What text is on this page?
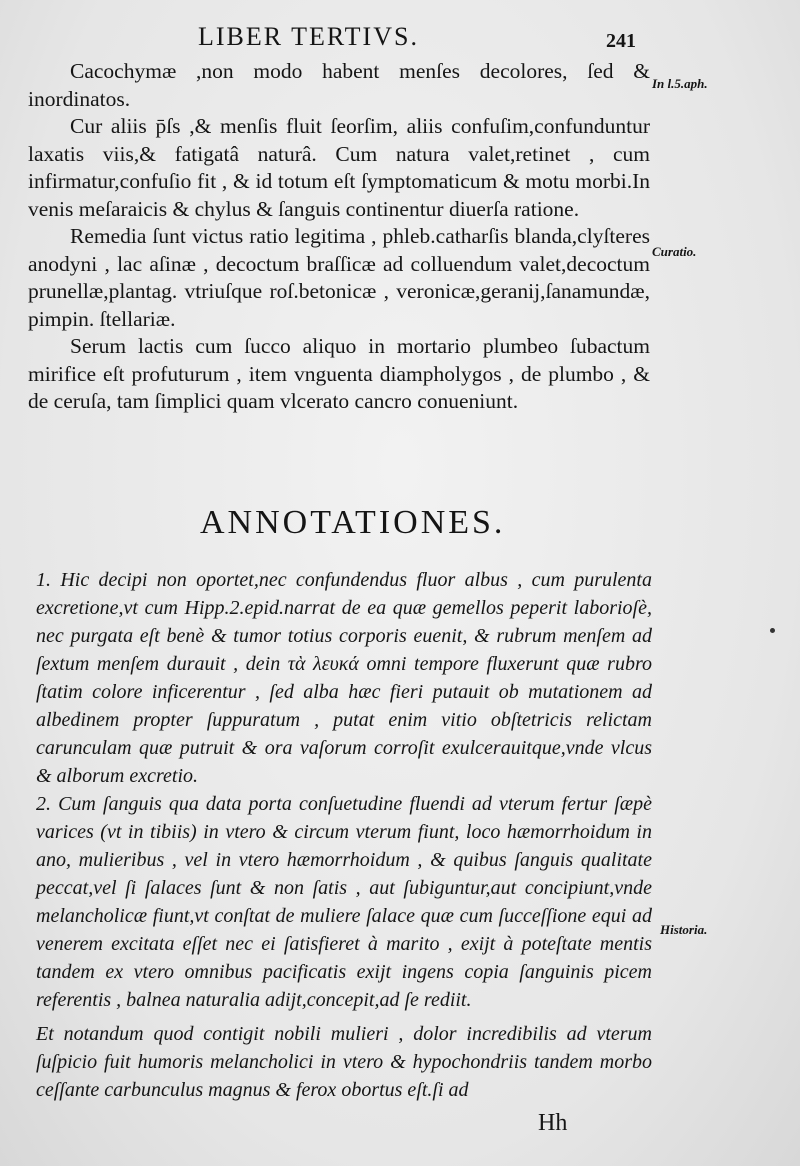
LIBER TERTIVS.	241
In l.5.aph.
Curatio.
Historia.

Cacochymæ ,non modo habent menſes decolores, ſed & inordinatos.

Cur aliis p̄ſs ,& menſis fluit ſeorſim, aliis confuſim,confunduntur laxatis viis,& fatigatâ naturâ. Cum natura valet,retinet , cum infirmatur,confuſio fit , & id totum eſt ſymptomaticum & motu morbi.In venis meſaraicis & chylus & ſanguis continentur diuerſa ratione.

Remedia ſunt victus ratio legitima , phleb.catharſis blanda,clyſteres anodyni , lac aſinæ , decoctum braſſicæ ad colluendum valet,decoctum prunellæ,plantag. vtriuſque roſ.betonicæ , veronicæ,geranij,ſanamundæ, pimpin. ſtellariæ.

Serum lactis cum ſucco aliquo in mortario plumbeo ſubactum mirifice eſt profuturum , item vnguenta diampholygos , de plumbo , & de ceruſa, tam ſimplici quam vlcerato cancro conueniunt.

ANNOTATIONES.

1. Hic decipi non oportet,nec confundendus fluor albus , cum purulenta excretione,vt cum Hipp.2.epid.narrat de ea quæ gemellos peperit laborioſè, nec purgata eſt benè & tumor totius corporis euenit, & rubrum menſem ad ſextum menſem durauit , dein τὰ λευκά omni tempore fluxerunt quæ rubro ſtatim colore inficerentur , ſed alba hæc fieri putauit ob mutationem ad albedinem propter ſuppuratum , putat enim vitio obſtetricis relictam carunculam quæ putruit & ora vaſorum corroſit exulcerauitque,vnde vlcus & alborum excretio.

2. Cum ſanguis qua data porta conſuetudine fluendi ad vterum fertur ſæpè varices (vt in tibiis) in vtero & circum vterum fiunt, loco hæmorrhoidum in ano, mulieribus , vel in vtero hæmorrhoidum , & quibus ſanguis qualitate peccat,vel ſi ſalaces ſunt & non ſatis , aut ſubiguntur,aut concipiunt,vnde melancholicæ fiunt,vt conſtat de muliere ſalace quæ cum ſucceſſione equi ad venerem excitata eſſet nec ei ſatisfieret à marito , exijt à poteſtate mentis tandem ex vtero omnibus pacificatis exijt ingens copia ſanguinis picem referentis , balnea naturalia adijt,concepit,ad ſe rediit.

Et notandum quod contigit nobili mulieri , dolor incredibilis ad vterum ſuſpicio fuit humoris melancholici in vtero & hypochondriis tandem morbo ceſſante carbunculus magnus & ferox obortus eſt.ſi ad

Hh
